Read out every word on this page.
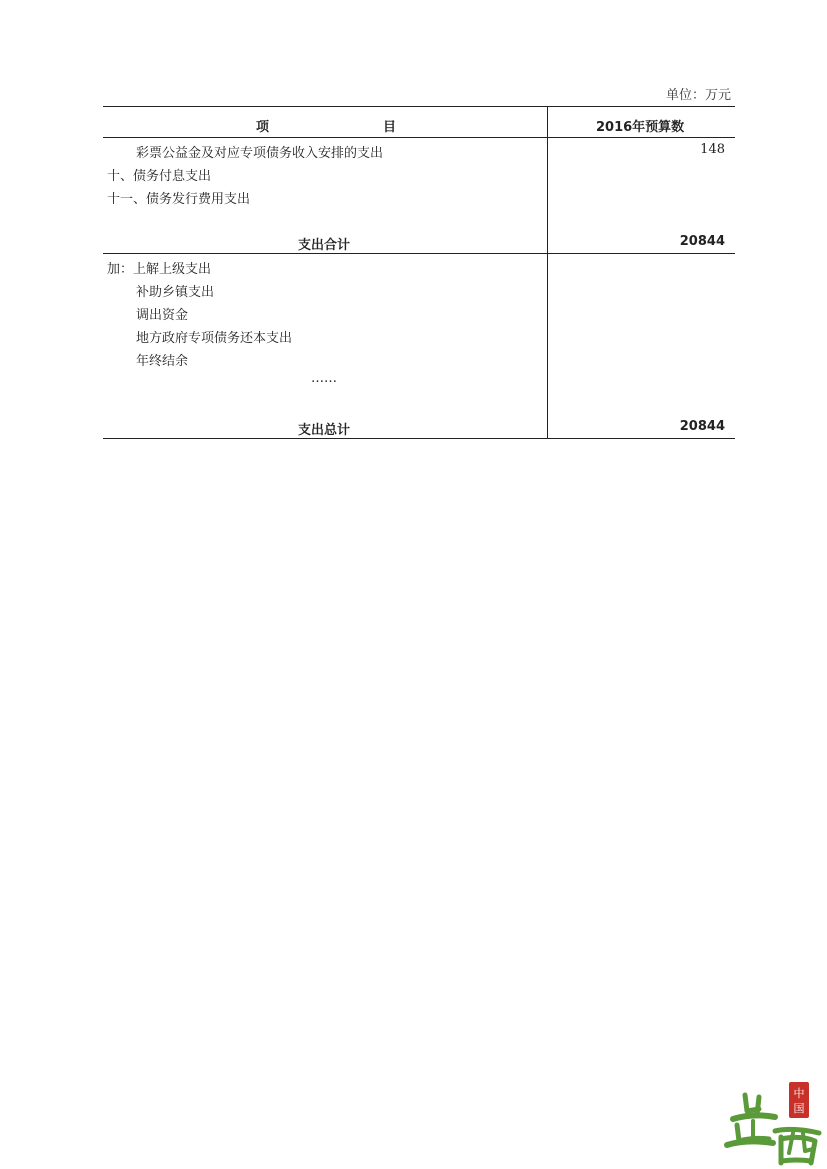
单位：万元
项	目	2016年预算数
彩票公益金及对应专项债务收入安排的支出	148
十、债务付息支出
十一、债务发行费用支出
支出合计	20844
加：上解上级支出
补助乡镇支出
调出资金
地方政府专项债务还本支出
年终结余
……
支出总计	20844
中
国
